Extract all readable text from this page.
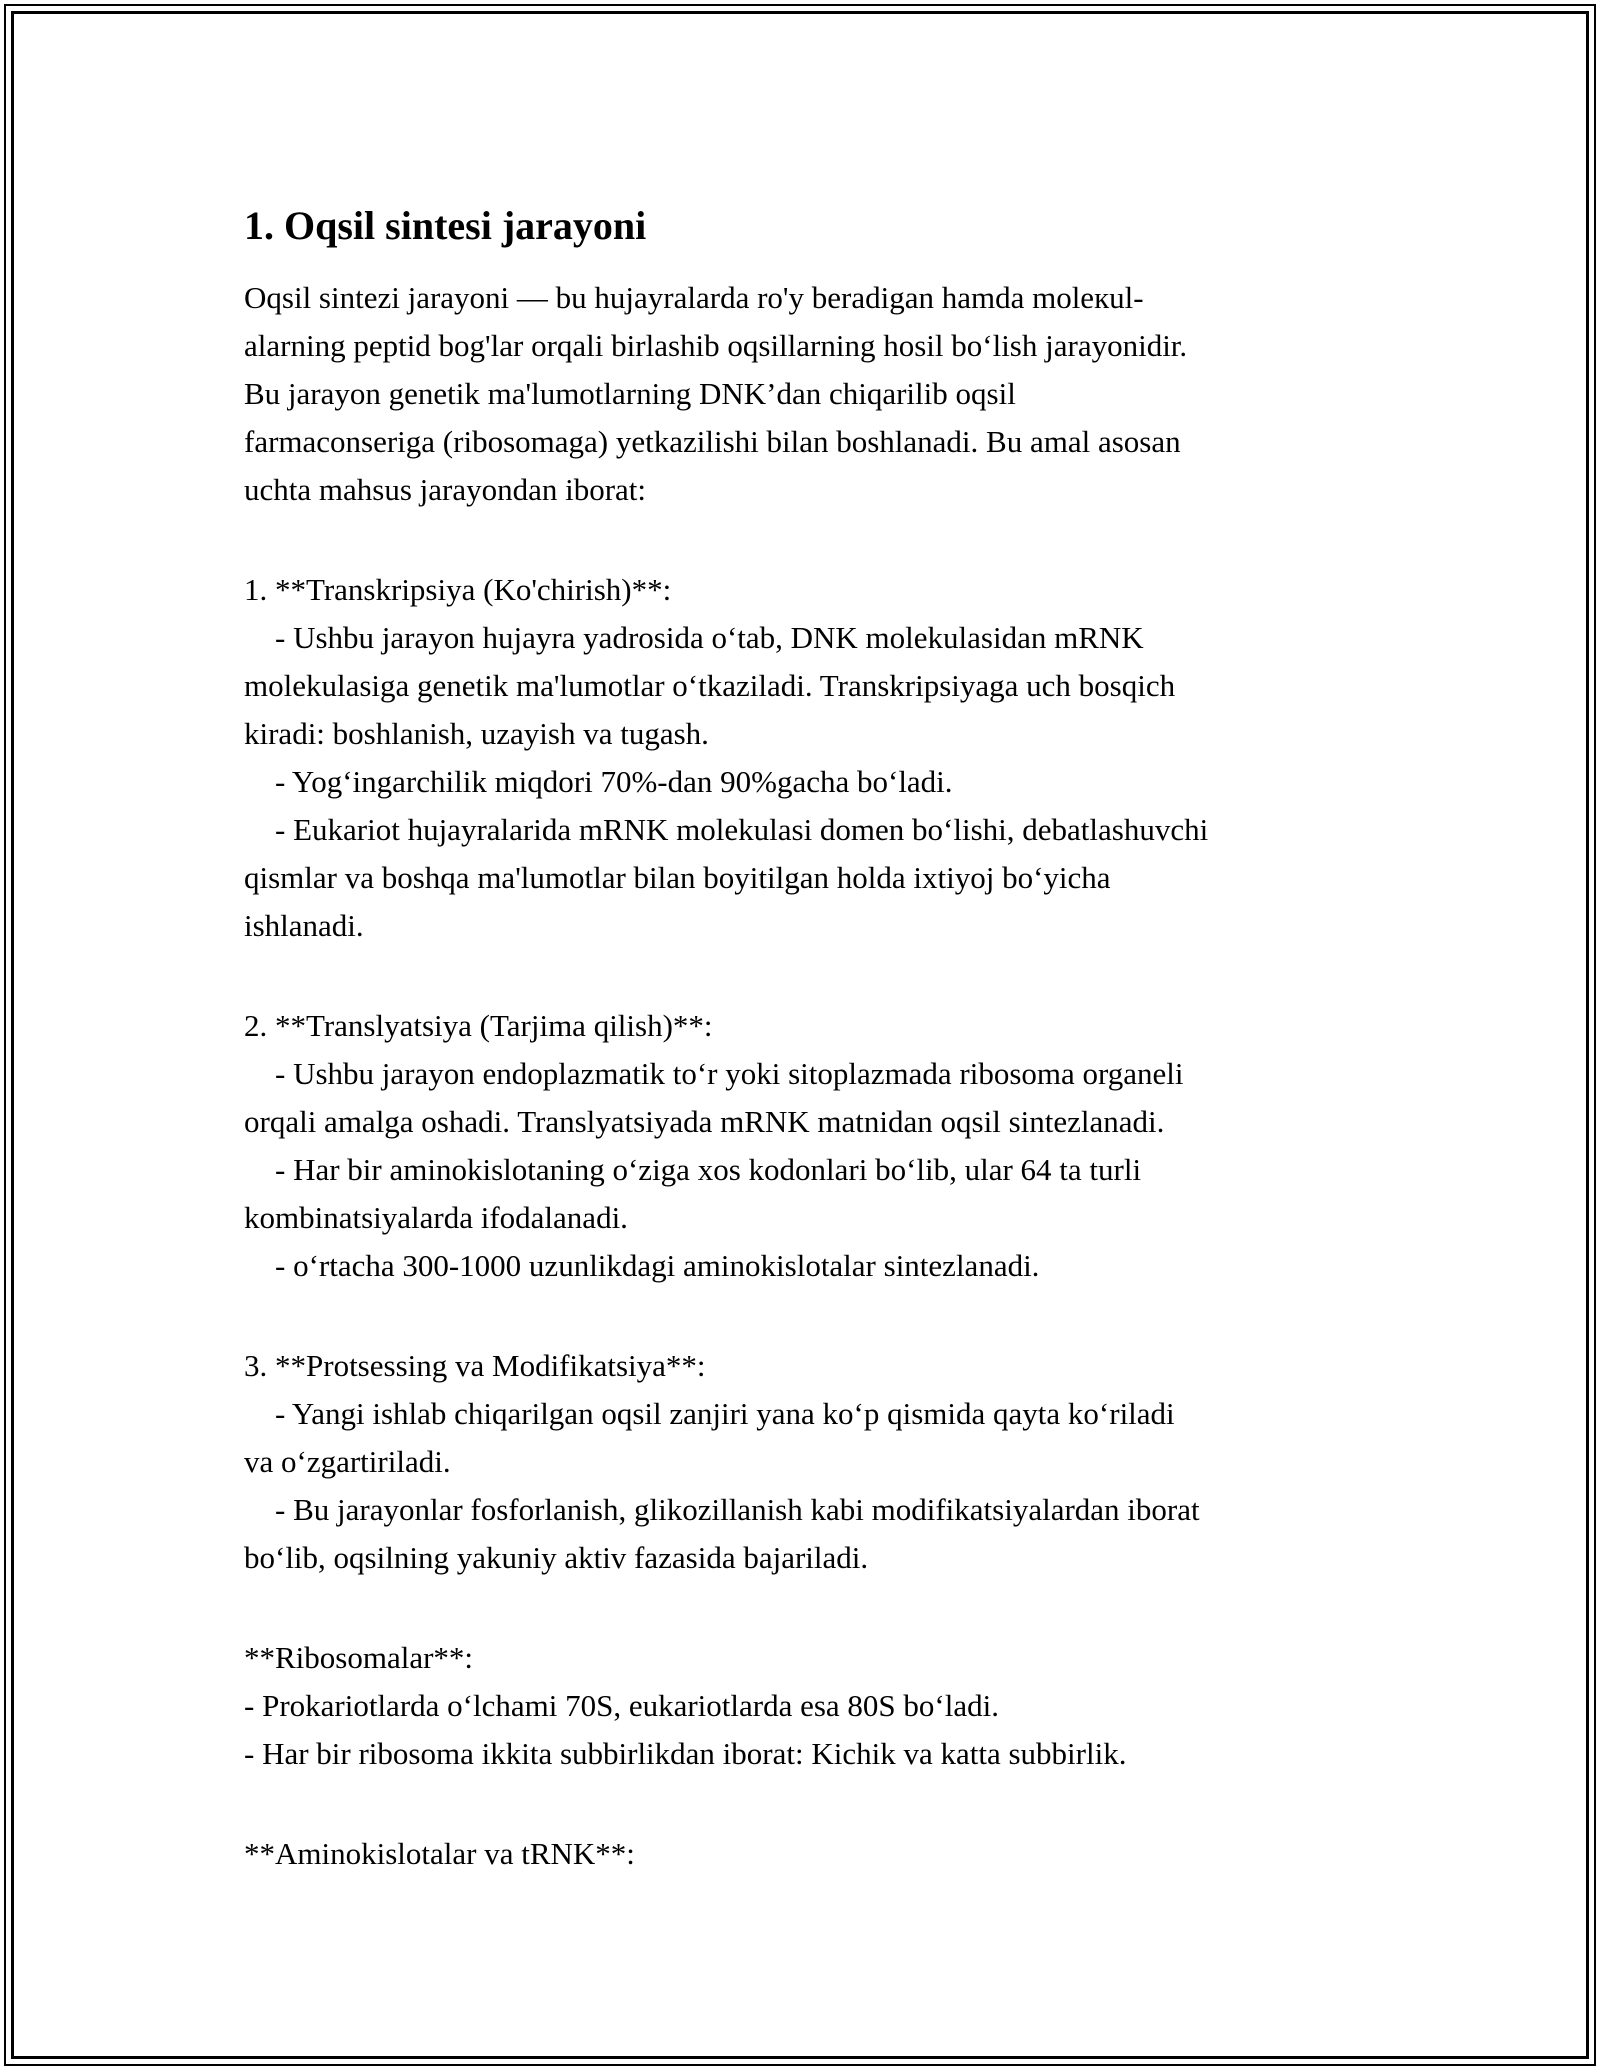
1. Oqsil sintesi jarayoni
Oqsil sintezi jarayoni — bu hujayralarda ro'y beradigan hamda moleкul-
alarning peptid bog'lar orqali birlashib oqsillarning hosil boʻlish jarayonidir.
Bu jarayon genetik ma'lumotlarning DNK’dan chiqarilib oqsil
farmaconseriga (ribosomaga) yetkazilishi bilan boshlanadi. Bu amal asosan
uchta mahsus jarayondan iborat:
1. **Transkripsiya (Ko'chirish)**:
- Ushbu jarayon hujayra yadrosida oʻtab, DNK molekulasidan mRNK
molekulasiga genetik ma'lumotlar oʻtkaziladi. Transkripsiyaga uch bosqich
kiradi: boshlanish, uzayish va tugash.
- Yogʻingarchilik miqdori 70%-dan 90%gacha boʻladi.
- Eukariot hujayralarida mRNK molekulasi domen boʻlishi, debatlashuvchi
qismlar va boshqa ma'lumotlar bilan boyitilgan holda ixtiyoj boʻyicha
ishlanadi.
2. **Translyatsiya (Tarjima qilish)**:
- Ushbu jarayon endoplazmatik toʻr yoki sitoplazmada ribosoma organeli
orqali amalga oshadi. Translyatsiyada mRNK matnidan oqsil sintezlanadi.
- Har bir aminokislotaning oʻziga xos kodonlari boʻlib, ular 64 ta turli
kombinatsiyalarda ifodalanadi.
- oʻrtacha 300-1000 uzunlikdagi aminokislotalar sintezlanadi.
3. **Protsessing va Modifikatsiya**:
- Yangi ishlab chiqarilgan oqsil zanjiri yana koʻp qismida qayta koʻriladi
va oʻzgartiriladi.
- Bu jarayonlar fosforlanish, glikozillanish kabi modifikatsiyalardan iborat
boʻlib, oqsilning yakuniy aktiv fazasida bajariladi.
**Ribosomalar**:
- Prokariotlarda oʻlchami 70S, eukariotlarda esa 80S boʻladi.
- Har bir ribosoma ikkita subbirlikdan iborat: Kichik va katta subbirlik.
**Aminokislotalar va tRNK**:
